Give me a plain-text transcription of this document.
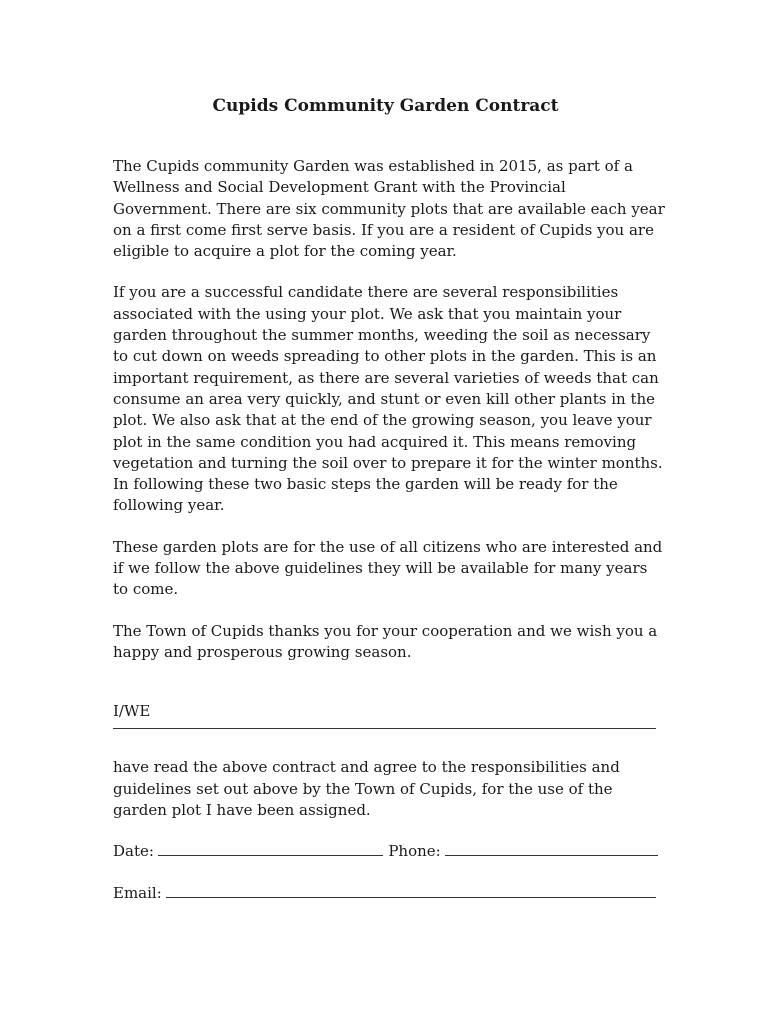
Cupids Community Garden Contract

The Cupids community Garden was established in 2015, as part of a
Wellness and Social Development Grant with the Provincial
Government. There are six community plots that are available each year
on a first come first serve basis. If you are a resident of Cupids you are
eligible to acquire a plot for the coming year.

If you are a successful candidate there are several responsibilities
associated with the using your plot. We ask that you maintain your
garden throughout the summer months, weeding the soil as necessary
to cut down on weeds spreading to other plots in the garden. This is an
important requirement, as there are several varieties of weeds that can
consume an area very quickly, and stunt or even kill other plants in the
plot. We also ask that at the end of the growing season, you leave your
plot in the same condition you had acquired it. This means removing
vegetation and turning the soil over to prepare it for the winter months.
In following these two basic steps the garden will be ready for the
following year.

These garden plots are for the use of all citizens who are interested and
if we follow the above guidelines they will be available for many years
to come.

The Town of Cupids thanks you for your cooperation and we wish you a
happy and prosperous growing season.

I/WE

have read the above contract and agree to the responsibilities and
guidelines set out above by the Town of Cupids, for the use of the
garden plot I have been assigned.

Date:	Phone:
Email:
